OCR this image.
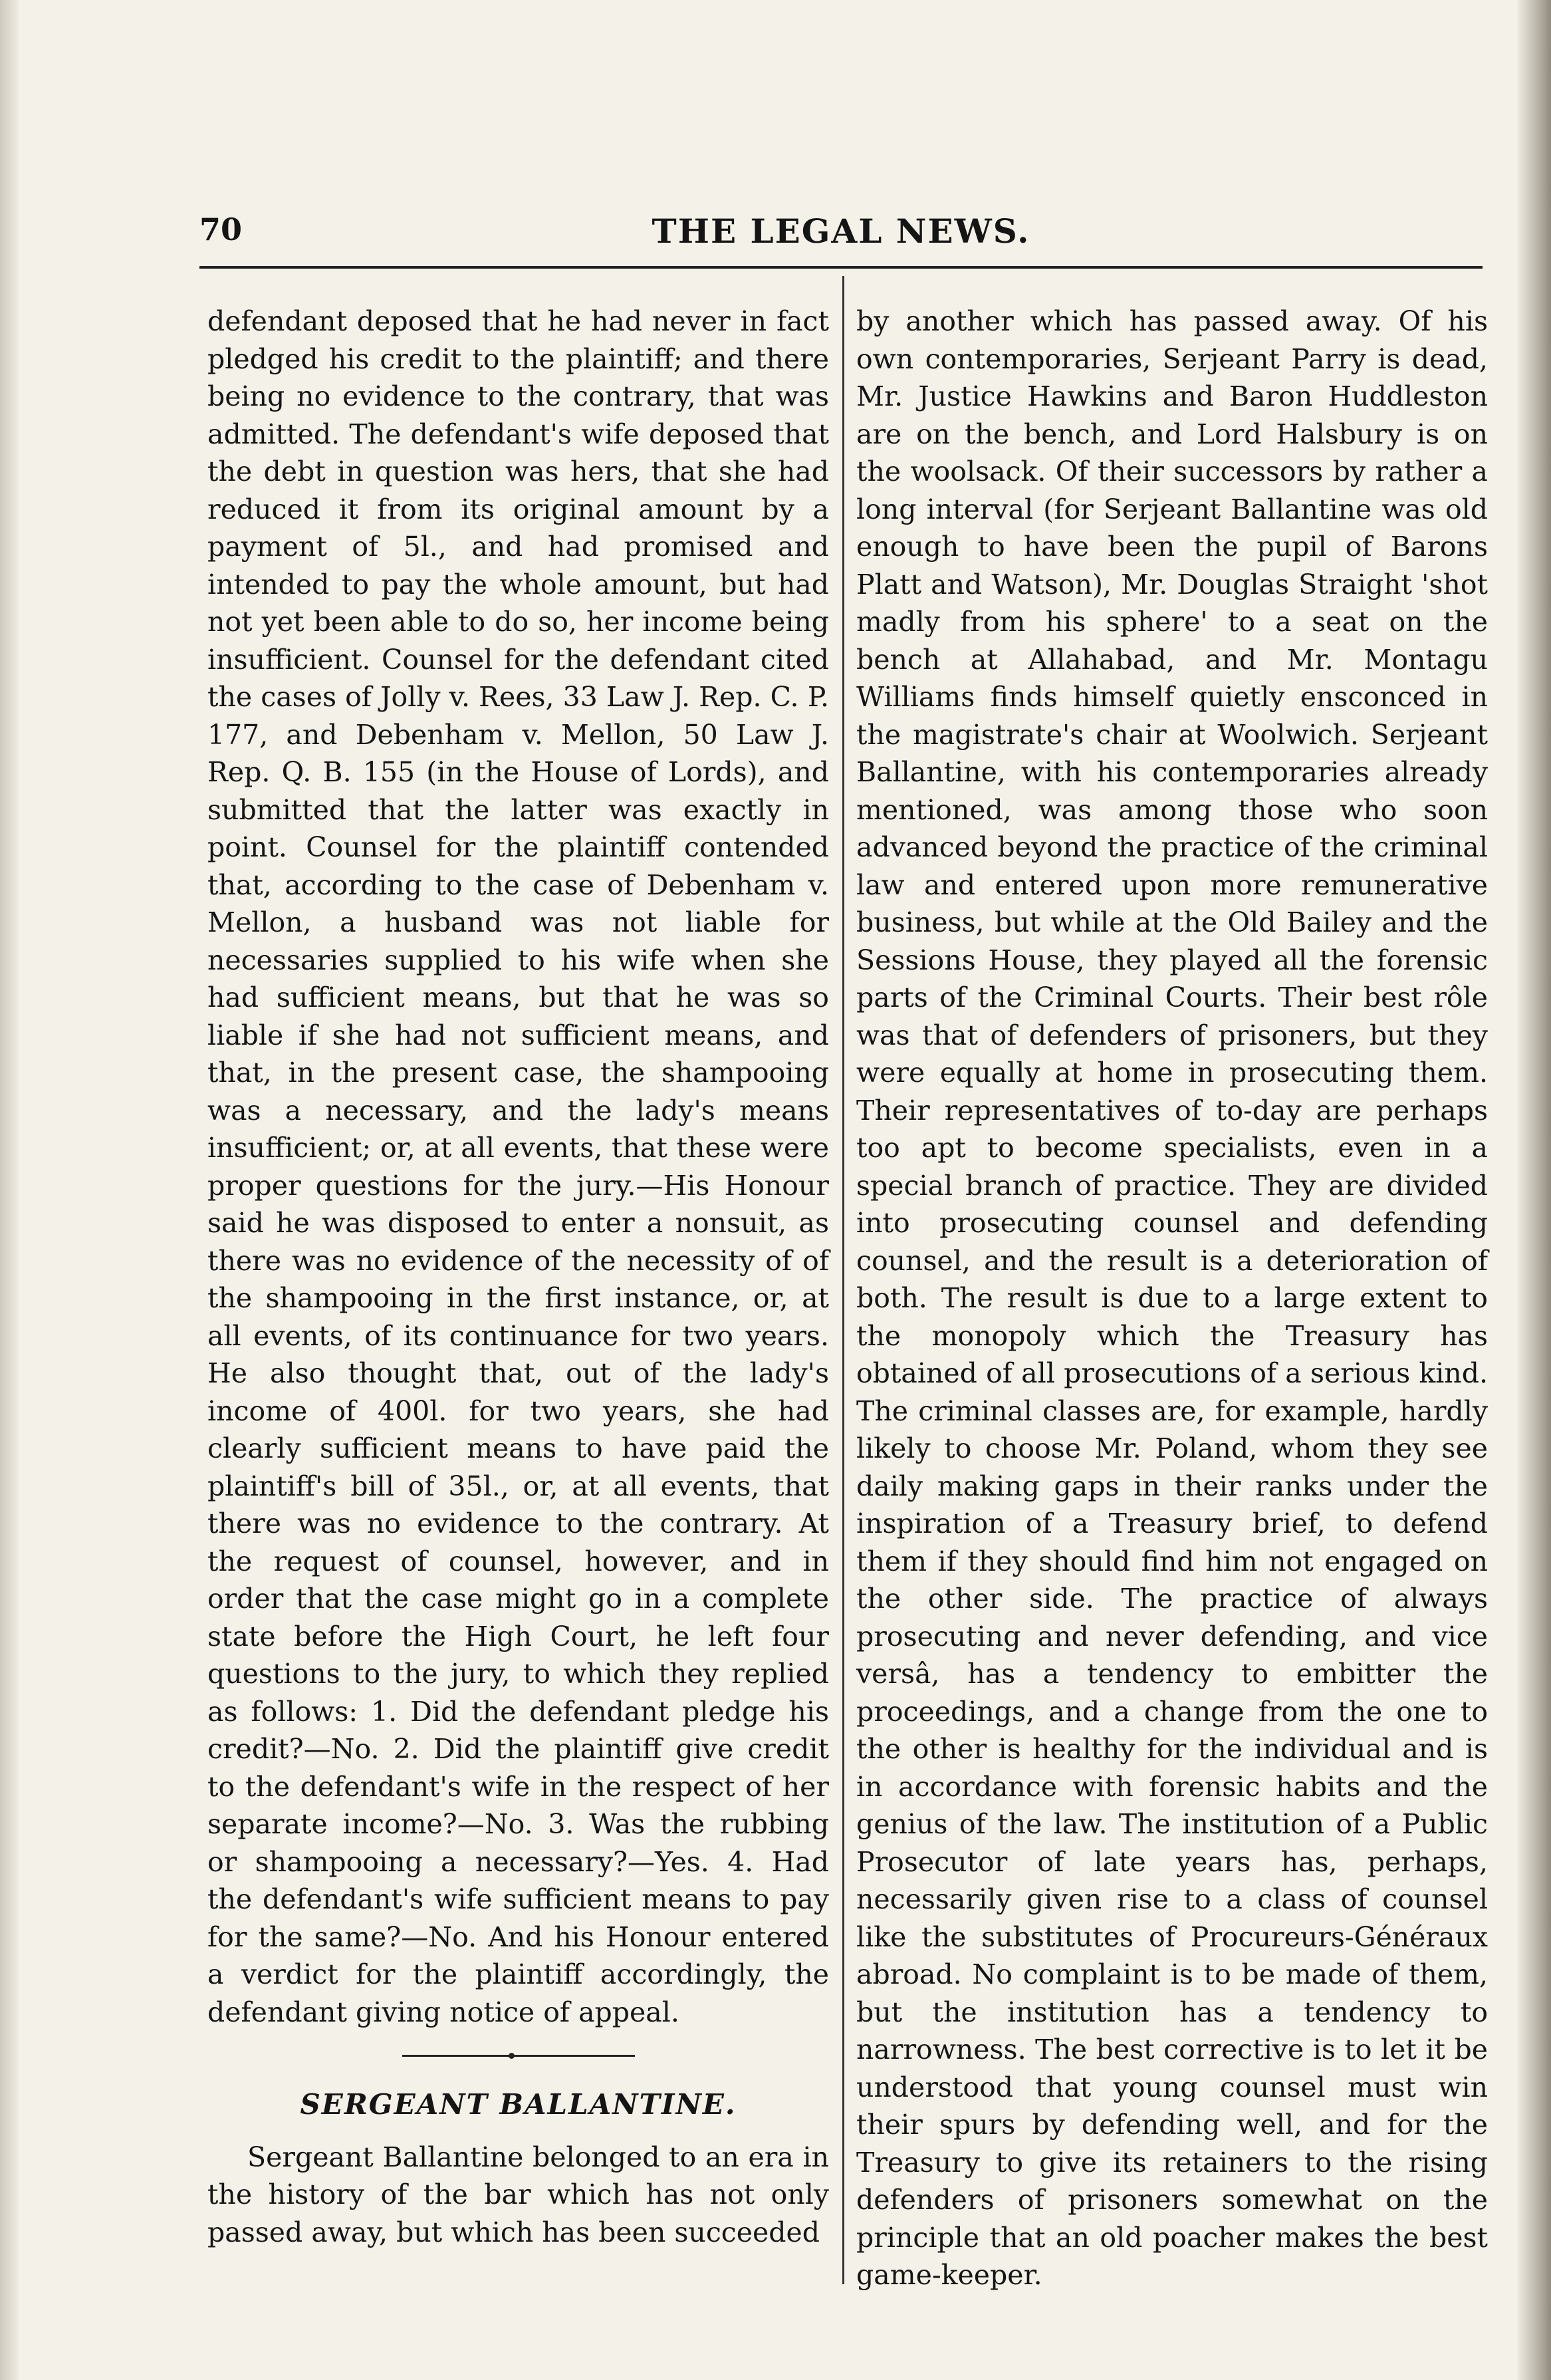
70	THE LEGAL NEWS.

defendant deposed that he had never in fact pledged his credit to the plaintiff; and there being no evidence to the contrary, that was admitted. The defendant's wife deposed that the debt in question was hers, that she had reduced it from its original amount by a payment of 5l., and had promised and intended to pay the whole amount, but had not yet been able to do so, her income being insufficient. Counsel for the defendant cited the cases of Jolly v. Rees, 33 Law J. Rep. C. P. 177, and Debenham v. Mellon, 50 Law J. Rep. Q. B. 155 (in the House of Lords), and submitted that the latter was exactly in point. Counsel for the plaintiff contended that, according to the case of Debenham v. Mellon, a husband was not liable for necessaries supplied to his wife when she had sufficient means, but that he was so liable if she had not sufficient means, and that, in the present case, the shampooing was a necessary, and the lady's means insufficient; or, at all events, that these were proper questions for the jury.—His Honour said he was disposed to enter a nonsuit, as there was no evidence of the necessity of of the shampooing in the first instance, or, at all events, of its continuance for two years. He also thought that, out of the lady's income of 400l. for two years, she had clearly sufficient means to have paid the plaintiff's bill of 35l., or, at all events, that there was no evidence to the contrary. At the request of counsel, however, and in order that the case might go in a complete state before the High Court, he left four questions to the jury, to which they replied as follows: 1. Did the defendant pledge his credit?—No. 2. Did the plaintiff give credit to the defendant's wife in the respect of her separate income?—No. 3. Was the rubbing or shampooing a necessary?—Yes. 4. Had the defendant's wife sufficient means to pay for the same?—No. And his Honour entered a verdict for the plaintiff accordingly, the defendant giving notice of appeal.

SERGEANT BALLANTINE.

Sergeant Ballantine belonged to an era in the history of the bar which has not only passed away, but which has been succeeded

by another which has passed away. Of his own contemporaries, Serjeant Parry is dead, Mr. Justice Hawkins and Baron Huddleston are on the bench, and Lord Halsbury is on the woolsack. Of their successors by rather a long interval (for Serjeant Ballantine was old enough to have been the pupil of Barons Platt and Watson), Mr. Douglas Straight 'shot madly from his sphere' to a seat on the bench at Allahabad, and Mr. Montagu Williams finds himself quietly ensconced in the magistrate's chair at Woolwich. Serjeant Ballantine, with his contemporaries already mentioned, was among those who soon advanced beyond the practice of the criminal law and entered upon more remunerative business, but while at the Old Bailey and the Sessions House, they played all the forensic parts of the Criminal Courts. Their best rôle was that of defenders of prisoners, but they were equally at home in prosecuting them. Their representatives of to-day are perhaps too apt to become specialists, even in a special branch of practice. They are divided into prosecuting counsel and defending counsel, and the result is a deterioration of both. The result is due to a large extent to the monopoly which the Treasury has obtained of all prosecutions of a serious kind. The criminal classes are, for example, hardly likely to choose Mr. Poland, whom they see daily making gaps in their ranks under the inspiration of a Treasury brief, to defend them if they should find him not engaged on the other side. The practice of always prosecuting and never defending, and vice versâ, has a tendency to embitter the proceedings, and a change from the one to the other is healthy for the individual and is in accordance with forensic habits and the genius of the law. The institution of a Public Prosecutor of late years has, perhaps, necessarily given rise to a class of counsel like the substitutes of Procureurs-Généraux abroad. No complaint is to be made of them, but the institution has a tendency to narrowness. The best corrective is to let it be understood that young counsel must win their spurs by defending well, and for the Treasury to give its retainers to the rising defenders of prisoners somewhat on the principle that an old poacher makes the best game-keeper.
